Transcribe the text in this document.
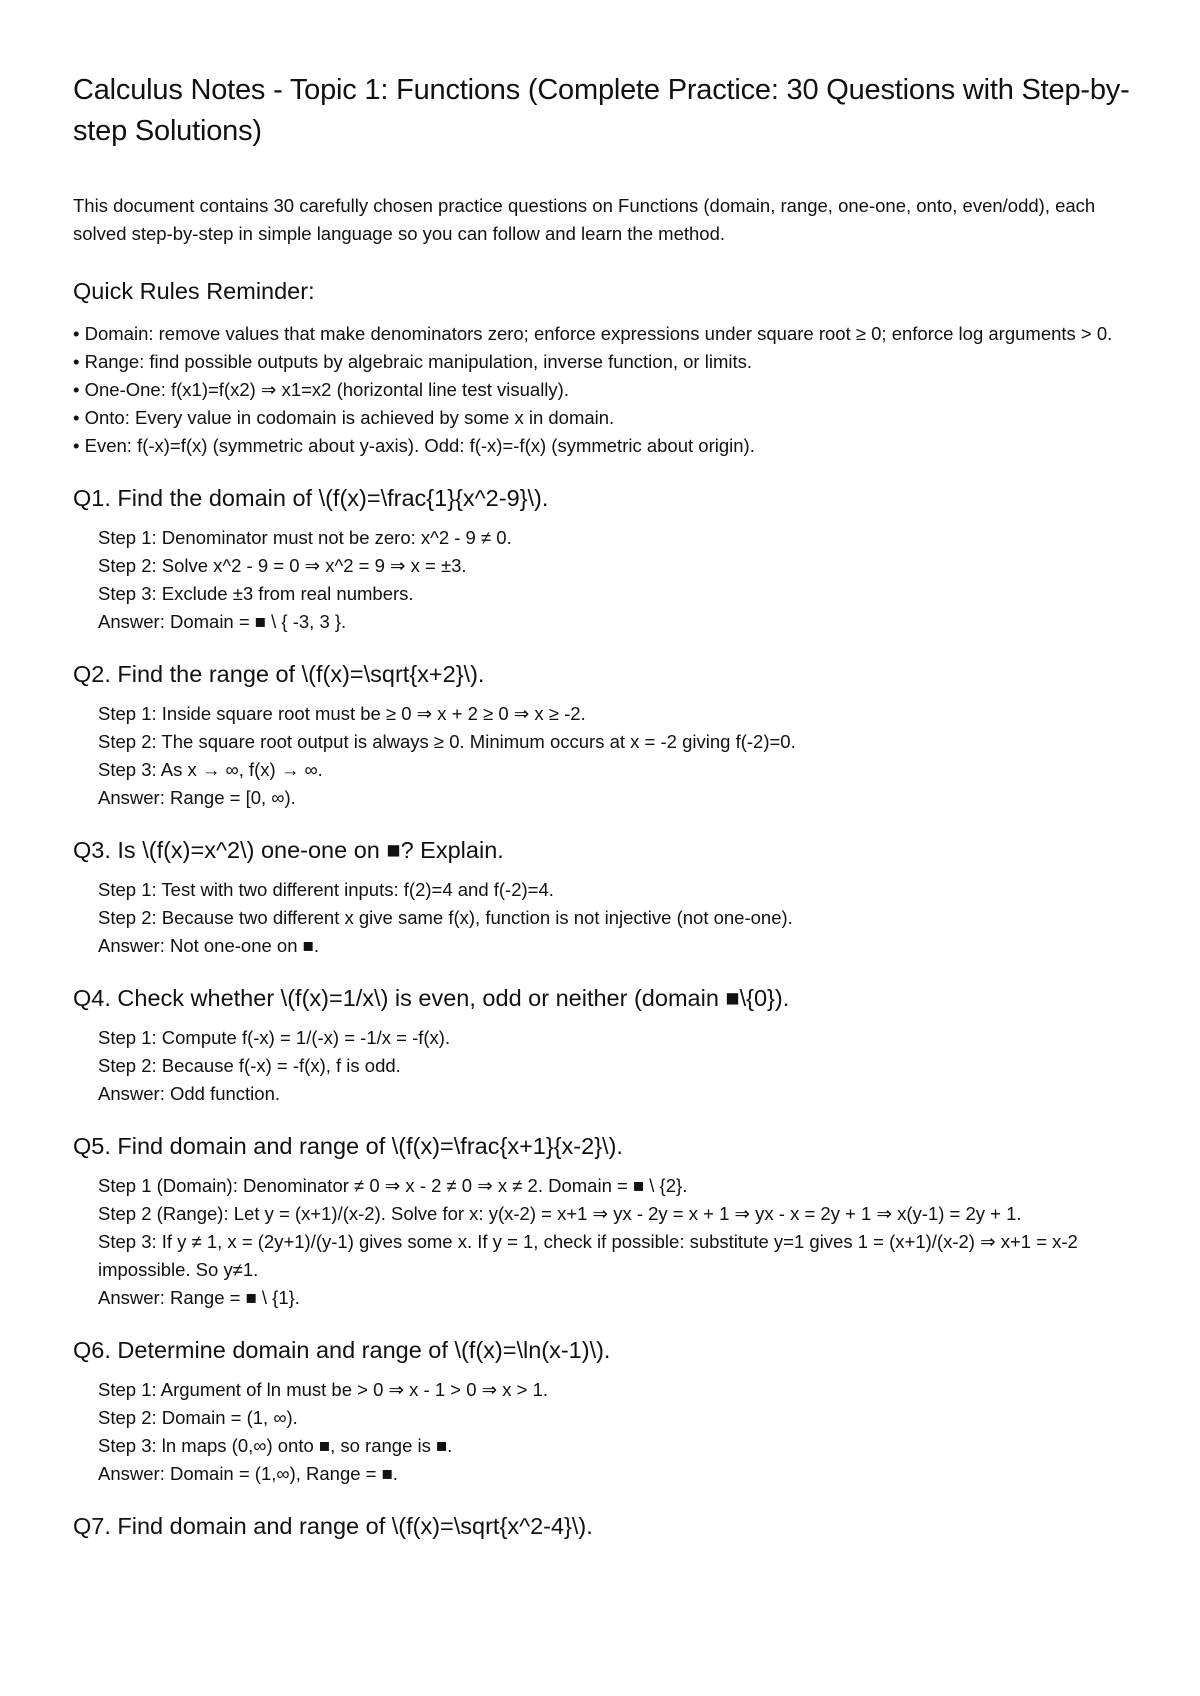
Calculus Notes - Topic 1: Functions (Complete Practice: 30 Questions with Step-by-step Solutions)

This document contains 30 carefully chosen practice questions on Functions (domain, range, one-one, onto, even/odd), each solved step-by-step in simple language so you can follow and learn the method.

Quick Rules Reminder:
• Domain: remove values that make denominators zero; enforce expressions under square root ≥ 0; enforce log arguments > 0.
• Range: find possible outputs by algebraic manipulation, inverse function, or limits.
• One-One: f(x1)=f(x2) ⇒ x1=x2 (horizontal line test visually).
• Onto: Every value in codomain is achieved by some x in domain.
• Even: f(-x)=f(x) (symmetric about y-axis). Odd: f(-x)=-f(x) (symmetric about origin).
Q1. Find the domain of \(f(x)=\frac{1}{x^2-9}\).
Step 1: Denominator must not be zero: x^2 - 9 ≠ 0.
Step 2: Solve x^2 - 9 = 0 ⇒ x^2 = 9 ⇒ x = ±3.
Step 3: Exclude ±3 from real numbers.
Answer: Domain = ■ \ { -3, 3 }.
Q2. Find the range of \(f(x)=\sqrt{x+2}\).
Step 1: Inside square root must be ≥ 0 ⇒ x + 2 ≥ 0 ⇒ x ≥ -2.
Step 2: The square root output is always ≥ 0. Minimum occurs at x = -2 giving f(-2)=0.
Step 3: As x → ∞, f(x) → ∞.
Answer: Range = [0, ∞).
Q3. Is \(f(x)=x^2\) one-one on ■? Explain.
Step 1: Test with two different inputs: f(2)=4 and f(-2)=4.
Step 2: Because two different x give same f(x), function is not injective (not one-one).
Answer: Not one-one on ■.
Q4. Check whether \(f(x)=1/x\) is even, odd or neither (domain ■\{0}).
Step 1: Compute f(-x) = 1/(-x) = -1/x = -f(x).
Step 2: Because f(-x) = -f(x), f is odd.
Answer: Odd function.
Q5. Find domain and range of \(f(x)=\frac{x+1}{x-2}\).
Step 1 (Domain): Denominator ≠ 0 ⇒ x - 2 ≠ 0 ⇒ x ≠ 2. Domain = ■ \ {2}.
Step 2 (Range): Let y = (x+1)/(x-2). Solve for x: y(x-2) = x+1 ⇒ yx - 2y = x + 1 ⇒ yx - x = 2y + 1 ⇒ x(y-1) = 2y + 1.
Step 3: If y ≠ 1, x = (2y+1)/(y-1) gives some x. If y = 1, check if possible: substitute y=1 gives 1 = (x+1)/(x-2) ⇒ x+1 = x-2 impossible. So y≠1.
Answer: Range = ■ \ {1}.
Q6. Determine domain and range of \(f(x)=\ln(x-1)\).
Step 1: Argument of ln must be > 0 ⇒ x - 1 > 0 ⇒ x > 1.
Step 2: Domain = (1, ∞).
Step 3: ln maps (0,∞) onto ■, so range is ■.
Answer: Domain = (1,∞), Range = ■.
Q7. Find domain and range of \(f(x)=\sqrt{x^2-4}\).
